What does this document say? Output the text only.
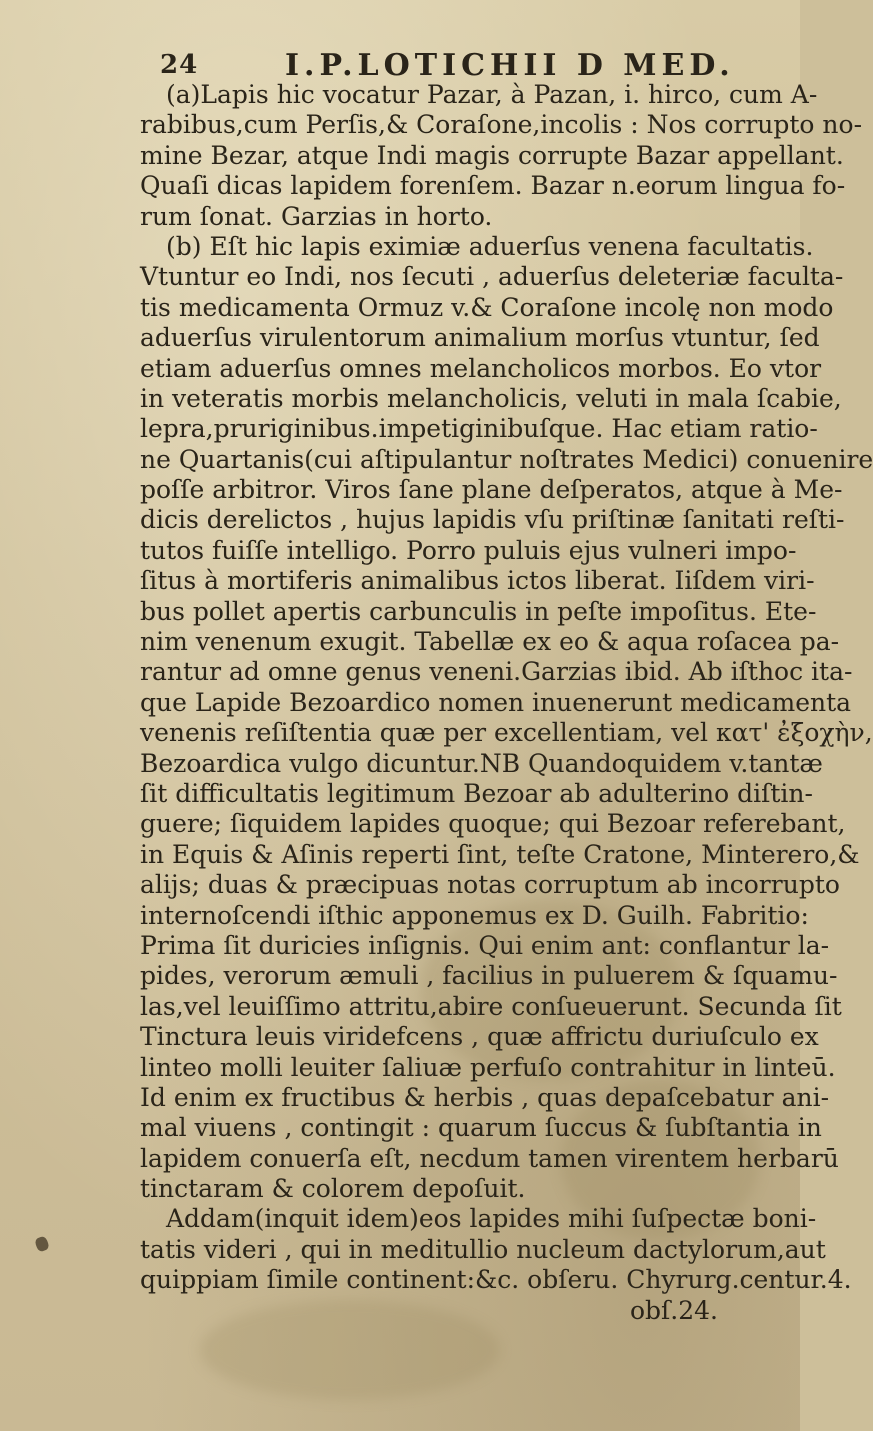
24	I.P.LOTICHII D MED.
(a)Lapis hic vocatur Pazar, à Pazan, i. hirco, cum A-
rabibus,cum Perſis,& Coraſone,incolis : Nos corrupto no-
mine Bezar, atque Indi magis corrupte Bazar appellant.
Quaſi dicas lapidem forenſem. Bazar n.eorum lingua fo-
rum ſonat. Garzias in horto.
(b) Eſt hic lapis eximiæ aduerſus venena facultatis.
Vtuntur eo Indi, nos ſecuti , aduerſus deleteriæ faculta-
tis medicamenta Ormuz v.& Coraſone incolę non modo
aduerſus virulentorum animalium morſus vtuntur, ſed
etiam aduerſus omnes melancholicos morbos. Eo vtor
in veteratis morbis melancholicis, veluti in mala ſcabie,
lepra,pruriginibus.impetiginibuſque. Hac etiam ratio-
ne Quartanis(cui aſtipulantur noſtrates Medici) conuenire
poſſe arbitror. Viros ſane plane deſperatos, atque à Me-
dicis derelictos , hujus lapidis vſu priſtinæ ſanitati reſti-
tutos fuiſſe intelligo. Porro puluis ejus vulneri impo-
ſitus à mortiferis animalibus ictos liberat. Iiſdem viri-
bus pollet apertis carbunculis in peſte impoſitus. Ete-
nim venenum exugit. Tabellæ ex eo & aqua roſacea pa-
rantur ad omne genus veneni.Garzias ibid. Ab iſthoc ita-
que Lapide Bezoardico nomen inuenerunt medicamenta
venenis reſiſtentia quæ per excellentiam, vel κατ' ἐξοχὴν,
Bezoardica vulgo dicuntur.NB Quandoquidem v.tantæ
ſit difficultatis legitimum Bezoar ab adulterino diſtin-
guere; ſiquidem lapides quoque; qui Bezoar referebant,
in Equis & Aſinis reperti ſint, teſte Cratone, Minterero,&
alijs; duas & præcipuas notas corruptum ab incorrupto
internoſcendi iſthic apponemus ex D. Guilh. Fabritio:
Prima ſit duricies inſignis. Qui enim ant: conflantur la-
pides, verorum æmuli , facilius in puluerem & ſquamu-
las,vel leuiſſimo attritu,abire conſueuerunt. Secunda ſit
Tinctura leuis viridefcens , quæ affrictu duriuſculo ex
linteo molli leuiter ſaliuæ perfuſo contrahitur in linteū.
Id enim ex fructibus & herbis , quas depaſcebatur ani-
mal viuens , contingit : quarum ſuccus & ſubſtantia in
lapidem conuerſa eſt, necdum tamen virentem herbarū
tinctaram & colorem depoſuit.
Addam(inquit idem)eos lapides mihi ſuſpectæ boni-
tatis videri , qui in meditullio nucleum dactylorum,aut
quippiam ſimile continent:&c. obſeru. Chyrurg.centur.4.
obſ.24.
